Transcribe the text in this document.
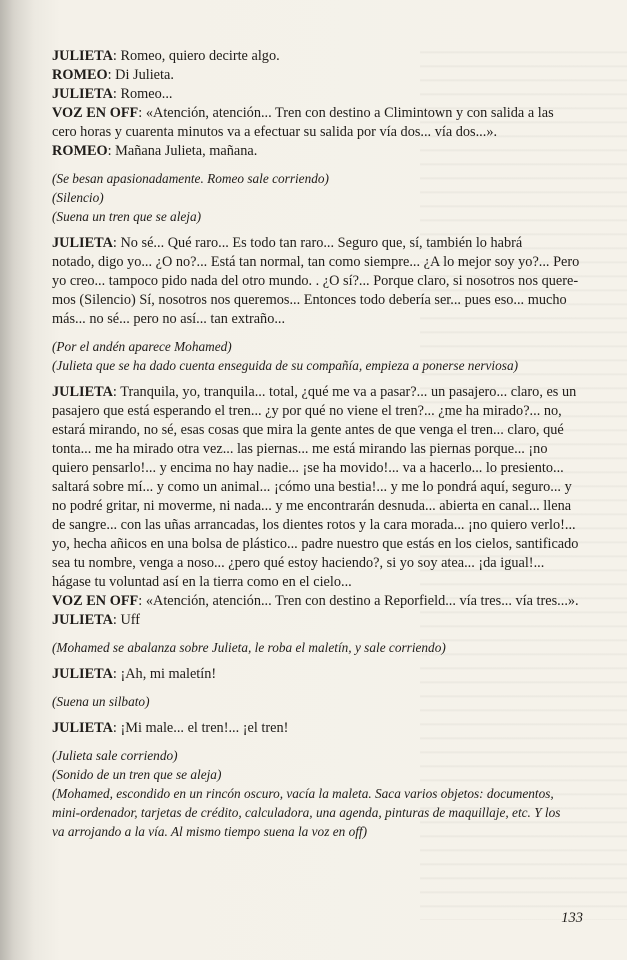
JULIETA: Romeo, quiero decirte algo.
ROMEO: Di Julieta.
JULIETA: Romeo...
VOZ EN OFF: «Atención, atención... Tren con destino a Climintown y con salida a las
cero horas y cuarenta minutos va a efectuar su salida por vía dos... vía dos...».
ROMEO: Mañana Julieta, mañana.
(Se besan apasionadamente. Romeo sale corriendo)
(Silencio)
(Suena un tren que se aleja)
JULIETA: No sé... Qué raro... Es todo tan raro... Seguro que, sí, también lo habrá
notado, digo yo... ¿O no?... Está tan normal, tan como siempre... ¿A lo mejor soy yo?... Pero
yo creo... tampoco pido nada del otro mundo. . ¿O sí?... Porque claro, si nosotros nos quere-
mos (Silencio) Sí, nosotros nos queremos... Entonces todo debería ser... pues eso... mucho
más... no sé... pero no así... tan extraño...
(Por el andén aparece Mohamed)
(Julieta que se ha dado cuenta enseguida de su compañía, empieza a ponerse nerviosa)
JULIETA: Tranquila, yo, tranquila... total, ¿qué me va a pasar?... un pasajero... claro, es un
pasajero que está esperando el tren... ¿y por qué no viene el tren?... ¿me ha mirado?... no,
estará mirando, no sé, esas cosas que mira la gente antes de que venga el tren... claro, qué
tonta... me ha mirado otra vez... las piernas... me está mirando las piernas porque... ¡no
quiero pensarlo!... y encima no hay nadie... ¡se ha movido!... va a hacerlo... lo presiento...
saltará sobre mí... y como un animal... ¡cómo una bestia!... y me lo pondrá aquí, seguro... y
no podré gritar, ni moverme, ni nada... y me encontrarán desnuda... abierta en canal... llena
de sangre... con las uñas arrancadas, los dientes rotos y la cara morada... ¡no quiero verlo!...
yo, hecha añicos en una bolsa de plástico... padre nuestro que estás en los cielos, santificado
sea tu nombre, venga a noso... ¿pero qué estoy haciendo?, si yo soy atea... ¡da igual!...
hágase tu voluntad así en la tierra como en el cielo...
VOZ EN OFF: «Atención, atención... Tren con destino a Reporfield... vía tres... vía tres...».
JULIETA: Uff
(Mohamed se abalanza sobre Julieta, le roba el maletín, y sale corriendo)
JULIETA: ¡Ah, mi maletín!
(Suena un silbato)
JULIETA: ¡Mi male... el tren!... ¡el tren!
(Julieta sale corriendo)
(Sonido de un tren que se aleja)
(Mohamed, escondido en un rincón oscuro, vacía la maleta. Saca varios objetos: documentos,
mini-ordenador, tarjetas de crédito, calculadora, una agenda, pinturas de maquillaje, etc. Y los
va arrojando a la vía. Al mismo tiempo suena la voz en off)
133
